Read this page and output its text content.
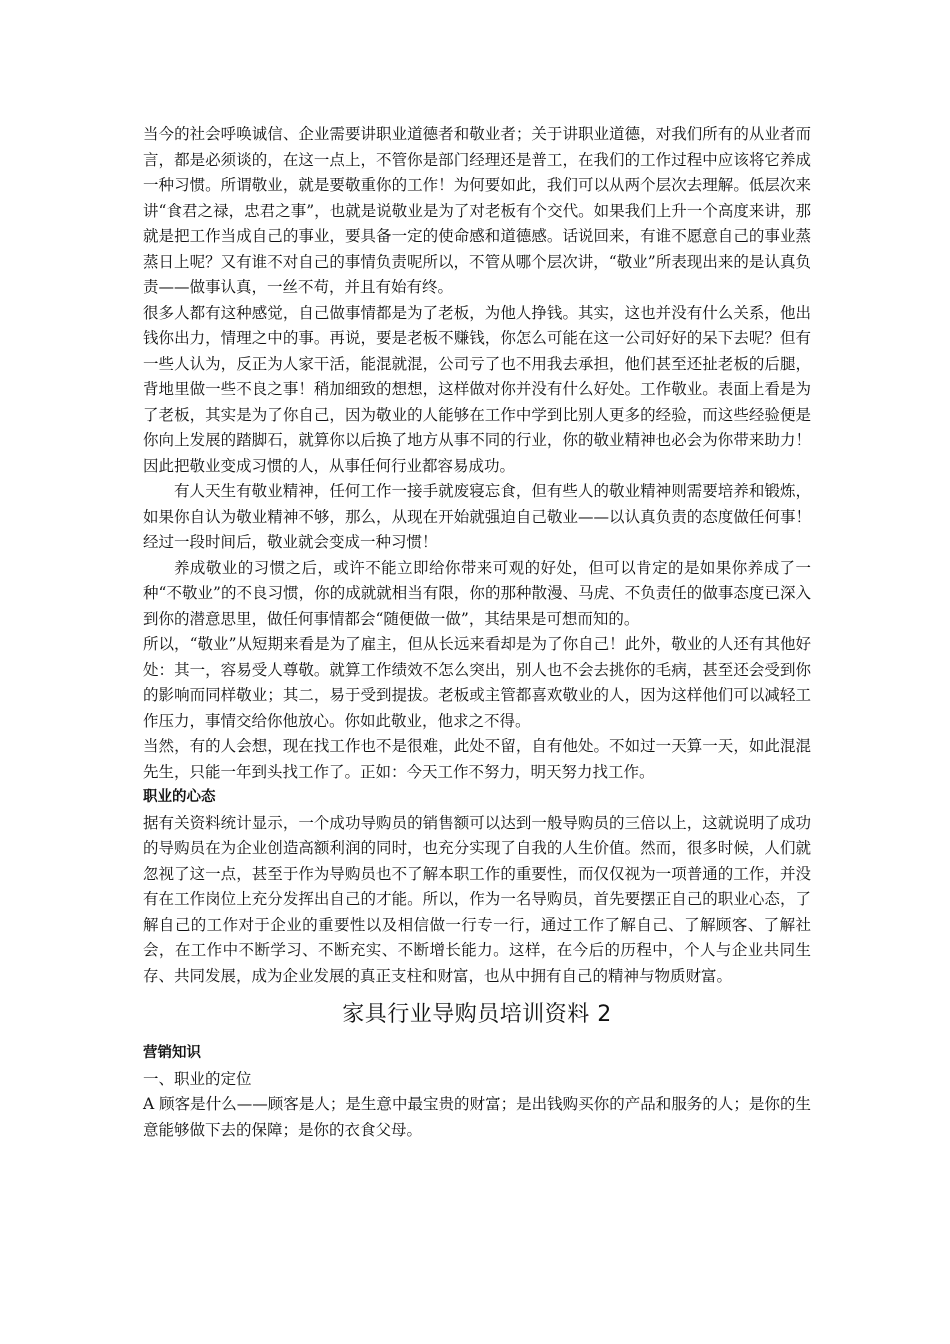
当今的社会呼唤诚信、企业需要讲职业道德者和敬业者；关于讲职业道德，对我们所有的从业者而言，都是必须谈的，在这一点上，不管你是部门经理还是普工，在我们的工作过程中应该将它养成一种习惯。所谓敬业，就是要敬重你的工作！为何要如此，我们可以从两个层次去理解。低层次来讲“食君之禄，忠君之事”，也就是说敬业是为了对老板有个交代。如果我们上升一个高度来讲，那就是把工作当成自己的事业，要具备一定的使命感和道德感。话说回来，有谁不愿意自己的事业蒸蒸日上呢？又有谁不对自己的事情负责呢所以，不管从哪个层次讲，“敬业”所表现出来的是认真负责——做事认真，一丝不苟，并且有始有终。

很多人都有这种感觉，自己做事情都是为了老板，为他人挣钱。其实，这也并没有什么关系，他出钱你出力，情理之中的事。再说，要是老板不赚钱，你怎么可能在这一公司好好的呆下去呢？但有一些人认为，反正为人家干活，能混就混，公司亏了也不用我去承担，他们甚至还扯老板的后腿，背地里做一些不良之事！稍加细致的想想，这样做对你并没有什么好处。工作敬业。表面上看是为了老板，其实是为了你自己，因为敬业的人能够在工作中学到比别人更多的经验，而这些经验便是你向上发展的踏脚石，就算你以后换了地方从事不同的行业，你的敬业精神也必会为你带来助力！因此把敬业变成习惯的人，从事任何行业都容易成功。

有人天生有敬业精神，任何工作一接手就废寝忘食，但有些人的敬业精神则需要培养和锻炼，如果你自认为敬业精神不够，那么，从现在开始就强迫自己敬业——以认真负责的态度做任何事！经过一段时间后，敬业就会变成一种习惯！

养成敬业的习惯之后，或许不能立即给你带来可观的好处，但可以肯定的是如果你养成了一种“不敬业”的不良习惯，你的成就就相当有限，你的那种散漫、马虎、不负责任的做事态度已深入到你的潜意思里，做任何事情都会“随便做一做”，其结果是可想而知的。

所以，“敬业”从短期来看是为了雇主，但从长远来看却是为了你自己！此外，敬业的人还有其他好处：其一，容易受人尊敬。就算工作绩效不怎么突出，别人也不会去挑你的毛病，甚至还会受到你的影响而同样敬业；其二，易于受到提拔。老板或主管都喜欢敬业的人，因为这样他们可以减轻工作压力，事情交给你他放心。你如此敬业，他求之不得。

当然，有的人会想，现在找工作也不是很难，此处不留，自有他处。不如过一天算一天，如此混混先生，只能一年到头找工作了。正如：今天工作不努力，明天努力找工作。

职业的心态

据有关资料统计显示，一个成功导购员的销售额可以达到一般导购员的三倍以上，这就说明了成功的导购员在为企业创造高额利润的同时，也充分实现了自我的人生价值。然而，很多时候，人们就忽视了这一点，甚至于作为导购员也不了解本职工作的重要性，而仅仅视为一项普通的工作，并没有在工作岗位上充分发挥出自己的才能。所以，作为一名导购员，首先要摆正自己的职业心态，了解自己的工作对于企业的重要性以及相信做一行专一行，通过工作了解自己、了解顾客、了解社会，在工作中不断学习、不断充实、不断增长能力。这样，在今后的历程中，个人与企业共同生存、共同发展，成为企业发展的真正支柱和财富，也从中拥有自己的精神与物质财富。

家具行业导购员培训资料 2
营销知识

一、职业的定位

A 顾客是什么——顾客是人；是生意中最宝贵的财富；是出钱购买你的产品和服务的人；是你的生意能够做下去的保障；是你的衣食父母。
